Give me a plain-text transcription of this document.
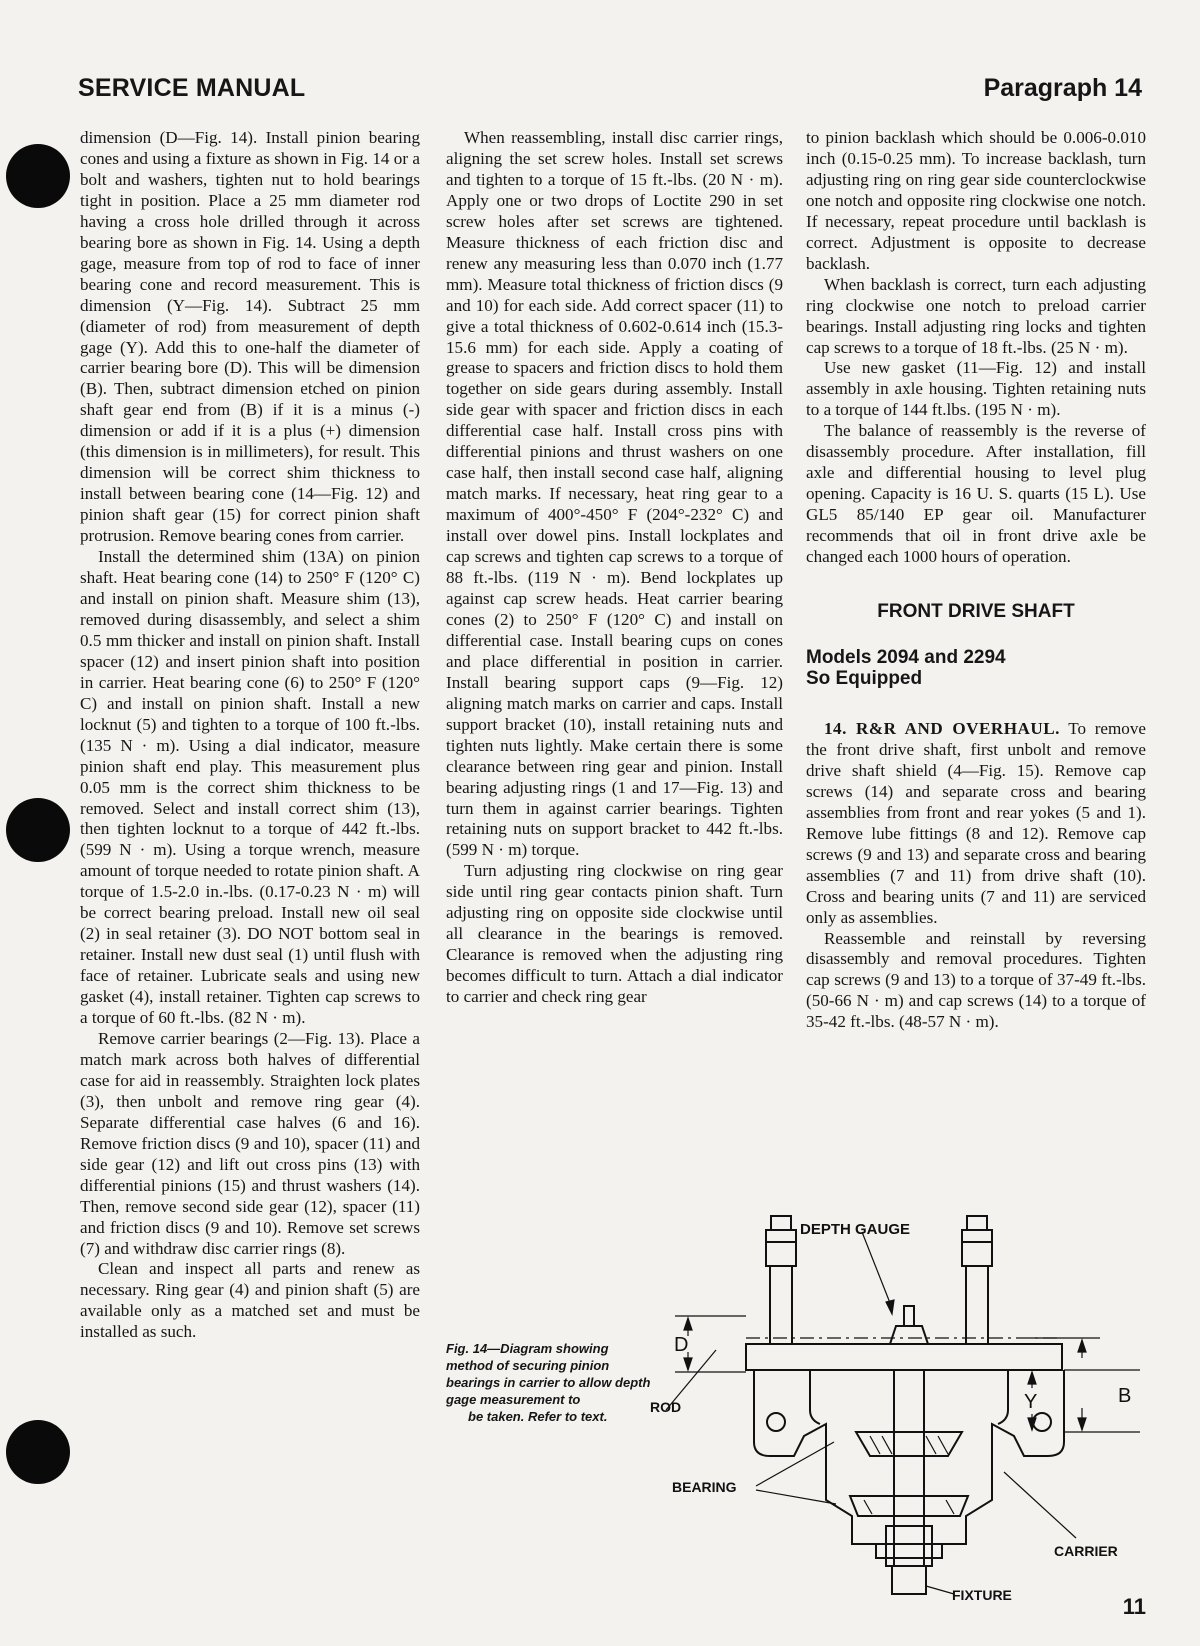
SERVICE MANUAL	Paragraph 14

dimension (D—Fig. 14). Install pinion bearing cones and using a fixture as shown in Fig. 14 or a bolt and washers, tighten nut to hold bearings tight in position. Place a 25 mm diameter rod having a cross hole drilled through it across bearing bore as shown in Fig. 14. Using a depth gage, measure from top of rod to face of inner bearing cone and record measurement. This is dimension (Y—Fig. 14). Subtract 25 mm (diameter of rod) from measurement of depth gage (Y). Add this to one-half the diameter of carrier bearing bore (D). This will be dimension (B). Then, subtract dimension etched on pinion shaft gear end from (B) if it is a minus (-) dimension or add if it is a plus (+) dimension (this dimension is in millimeters), for result. This dimension will be correct shim thickness to install between bearing cone (14—Fig. 12) and pinion shaft gear (15) for correct pinion shaft protrusion. Remove bearing cones from carrier.

Install the determined shim (13A) on pinion shaft. Heat bearing cone (14) to 250° F (120° C) and install on pinion shaft. Measure shim (13), removed during disassembly, and select a shim 0.5 mm thicker and install on pinion shaft. Install spacer (12) and insert pinion shaft into position in carrier. Heat bearing cone (6) to 250° F (120° C) and install on pinion shaft. Install a new locknut (5) and tighten to a torque of 100 ft.-lbs. (135 N · m). Using a dial indicator, measure pinion shaft end play. This measurement plus 0.05 mm is the correct shim thickness to be removed. Select and install correct shim (13), then tighten locknut to a torque of 442 ft.-lbs. (599 N · m). Using a torque wrench, measure amount of torque needed to rotate pinion shaft. A torque of 1.5-2.0 in.-lbs. (0.17-0.23 N · m) will be correct bearing preload. Install new oil seal (2) in seal retainer (3). DO NOT bottom seal in retainer. Install new dust seal (1) until flush with face of retainer. Lubricate seals and using new gasket (4), install retainer. Tighten cap screws to a torque of 60 ft.-lbs. (82 N · m).

Remove carrier bearings (2—Fig. 13). Place a match mark across both halves of differential case for aid in reassembly. Straighten lock plates (3), then unbolt and remove ring gear (4). Separate differential case halves (6 and 16). Remove friction discs (9 and 10), spacer (11) and side gear (12) and lift out cross pins (13) with differential pinions (15) and thrust washers (14). Then, remove second side gear (12), spacer (11) and friction discs (9 and 10). Remove set screws (7) and withdraw disc carrier rings (8).

Clean and inspect all parts and renew as necessary. Ring gear (4) and pinion shaft (5) are available only as a matched set and must be installed as such.

When reassembling, install disc carrier rings, aligning the set screw holes. Install set screws and tighten to a torque of 15 ft.-lbs. (20 N · m). Apply one or two drops of Loctite 290 in set screw holes after set screws are tightened. Measure thickness of each friction disc and renew any measuring less than 0.070 inch (1.77 mm). Measure total thickness of friction discs (9 and 10) for each side. Add correct spacer (11) to give a total thickness of 0.602-0.614 inch (15.3-15.6 mm) for each side. Apply a coating of grease to spacers and friction discs to hold them together on side gears during assembly. Install side gear with spacer and friction discs in each differential case half. Install cross pins with differential pinions and thrust washers on one case half, then install second case half, aligning match marks. If necessary, heat ring gear to a maximum of 400°-450° F (204°-232° C) and install over dowel pins. Install lockplates and cap screws and tighten cap screws to a torque of 88 ft.-lbs. (119 N · m). Bend lockplates up against cap screw heads. Heat carrier bearing cones (2) to 250° F (120° C) and install on differential case. Install bearing cups on cones and place differential in position in carrier. Install bearing support caps (9—Fig. 12) aligning match marks on carrier and caps. Install support bracket (10), install retaining nuts and tighten nuts lightly. Make certain there is some clearance between ring gear and pinion. Install bearing adjusting rings (1 and 17—Fig. 13) and turn them in against carrier bearings. Tighten retaining nuts on support bracket to 442 ft.-lbs. (599 N · m) torque.

Turn adjusting ring clockwise on ring gear side until ring gear contacts pinion shaft. Turn adjusting ring on opposite side clockwise until all clearance in the bearings is removed. Clearance is removed when the adjusting ring becomes difficult to turn. Attach a dial indicator to carrier and check ring gear

to pinion backlash which should be 0.006-0.010 inch (0.15-0.25 mm). To increase backlash, turn adjusting ring on ring gear side counterclockwise one notch and opposite ring clockwise one notch. If necessary, repeat procedure until backlash is correct. Adjustment is opposite to decrease backlash.

When backlash is correct, turn each adjusting ring clockwise one notch to preload carrier bearings. Install adjusting ring locks and tighten cap screws to a torque of 18 ft.-lbs. (25 N · m).

Use new gasket (11—Fig. 12) and install assembly in axle housing. Tighten retaining nuts to a torque of 144 ft.lbs. (195 N · m).

The balance of reassembly is the reverse of disassembly procedure. After installation, fill axle and differential housing to level plug opening. Capacity is 16 U. S. quarts (15 L). Use GL5 85/140 EP gear oil. Manufacturer recommends that oil in front drive axle be changed each 1000 hours of operation.

FRONT DRIVE SHAFT
Models 2094 and 2294
So Equipped

14. R&R AND OVERHAUL. To remove the front drive shaft, first unbolt and remove drive shaft shield (4—Fig. 15). Remove cap screws (14) and separate cross and bearing assemblies from front and rear yokes (5 and 1). Remove lube fittings (8 and 12). Remove cap screws (9 and 13) and separate cross and bearing assemblies (7 and 11) from drive shaft (10). Cross and bearing units (7 and 11) are serviced only as assemblies.

Reassemble and reinstall by reversing disassembly and removal procedures. Tighten cap screws (9 and 13) to a torque of 37-49 ft.-lbs. (50-66 N · m) and cap screws (14) to a torque of 35-42 ft.-lbs. (48-57 N · m).

Fig. 14—Diagram showing method of securing pinion bearings in carrier to allow depth gage measurement to
be taken. Refer to text.
DEPTH GAUGE
D
Y	B
ROD
BEARING
CARRIER
FIXTURE	11
